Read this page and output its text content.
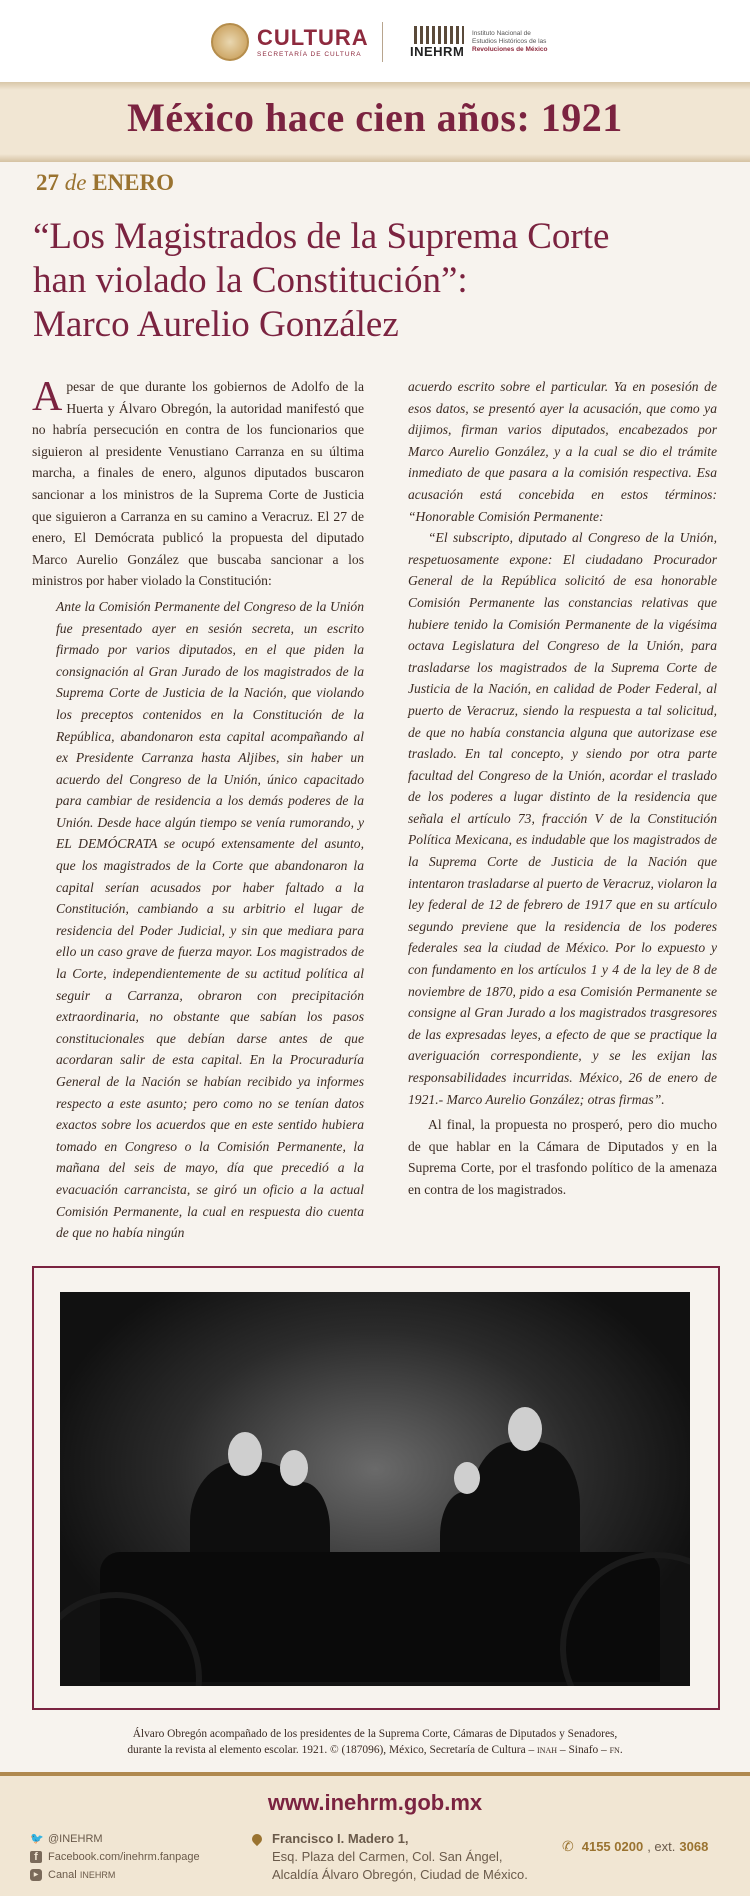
CULTURA
SECRETARÍA DE CULTURA	INEHRM
Instituto Nacional de
Estudios Históricos de las
Revoluciones de México
México hace cien años: 1921
27 de ENERO
“Los Magistrados de la Suprema Corte
han violado la Constitución”:
Marco Aurelio González

Apesar de que durante los gobiernos de Adolfo de la Huerta y Álvaro Obregón, la autoridad manifestó que no habría persecución en contra de los funcionarios que siguieron al presidente Venustiano Carranza en su última marcha, a finales de enero, algunos diputados buscaron sancionar a los ministros de la Suprema Corte de Justicia que siguieron a Carranza en su camino a Veracruz. El 27 de enero, El Demócrata publicó la propuesta del diputado Marco Aurelio González que buscaba sancionar a los ministros por haber violado la Constitución:

Ante la Comisión Permanente del Congreso de la Unión fue presentado ayer en sesión secreta, un escrito firmado por varios diputados, en el que piden la consignación al Gran Jurado de los magistrados de la Suprema Corte de Justicia de la Nación, que violando los preceptos contenidos en la Constitución de la República, abandonaron esta capital acompañando al ex Presidente Carranza hasta Aljibes, sin haber un acuerdo del Congreso de la Unión, único capacitado para cambiar de residencia a los demás poderes de la Unión. Desde hace algún tiempo se venía rumorando, y EL DEMÓCRATA se ocupó extensamente del asunto, que los magistrados de la Corte que abandonaron la capital serían acusados por haber faltado a la Constitución, cambiando a su arbitrio el lugar de residencia del Poder Judicial, y sin que mediara para ello un caso grave de fuerza mayor. Los magistrados de la Corte, independientemente de su actitud política al seguir a Carranza, obraron con precipitación extraordinaria, no obstante que sabían los pasos constitucionales que debían darse antes de que acordaran salir de esta capital. En la Procuraduría General de la Nación se habían recibido ya informes respecto a este asunto; pero como no se tenían datos exactos sobre los acuerdos que en este sentido hubiera tomado en Congreso o la Comisión Permanente, la mañana del seis de mayo, día que precedió a la evacuación carrancista, se giró un oficio a la actual Comisión Permanente, la cual en respuesta dio cuenta de que no había ningún

acuerdo escrito sobre el particular. Ya en posesión de esos datos, se presentó ayer la acusación, que como ya dijimos, firman varios diputados, encabezados por Marco Aurelio González, y a la cual se dio el trámite inmediato de que pasara a la comisión respectiva. Esa acusación está concebida en estos términos: “Honorable Comisión Permanente:

“El subscripto, diputado al Congreso de la Unión, respetuosamente expone: El ciudadano Procurador General de la República solicitó de esa honorable Comisión Permanente las constancias relativas que hubiere tenido la Comisión Permanente de la vigésima octava Legislatura del Congreso de la Unión, para trasladarse los magistrados de la Suprema Corte de Justicia de la Nación, en calidad de Poder Federal, al puerto de Veracruz, siendo la respuesta a tal solicitud, de que no había constancia alguna que autorizase ese traslado. En tal concepto, y siendo por otra parte facultad del Congreso de la Unión, acordar el traslado de los poderes a lugar distinto de la residencia que señala el artículo 73, fracción V de la Constitución Política Mexicana, es indudable que los magistrados de la Suprema Corte de Justicia de la Nación que intentaron trasladarse al puerto de Veracruz, violaron la ley federal de 12 de febrero de 1917 que en su artículo segundo previene que la residencia de los poderes federales sea la ciudad de México. Por lo expuesto y con fundamento en los artículos 1 y 4 de la ley de 8 de noviembre de 1870, pido a esa Comisión Permanente se consigne al Gran Jurado a los magistrados trasgresores de las expresadas leyes, a efecto de que se practique la averiguación correspondiente, y se les exijan las responsabilidades incurridas. México, 26 de enero de 1921.- Marco Aurelio González; otras firmas”.

Al final, la propuesta no prosperó, pero dio mucho de que hablar en la Cámara de Diputados y en la Suprema Corte, por el trasfondo político de la amenaza en contra de los magistrados.

Álvaro Obregón acompañado de los presidentes de la Suprema Corte, Cámaras de Diputados y Senadores,
durante la revista al elemento escolar. 1921. © (187096), México, Secretaría de Cultura – inah – Sinafo – fn.
www.inehrm.gob.mx
🐦 @INEHRM
f Facebook.com/inehrm.fanpage
▶ Canal
INEHRM
Francisco I. Madero 1,
Esq. Plaza del Carmen, Col. San Ángel,
Alcaldía Álvaro Obregón, Ciudad de México.
✆ 4155 0200 , ext. 3068
